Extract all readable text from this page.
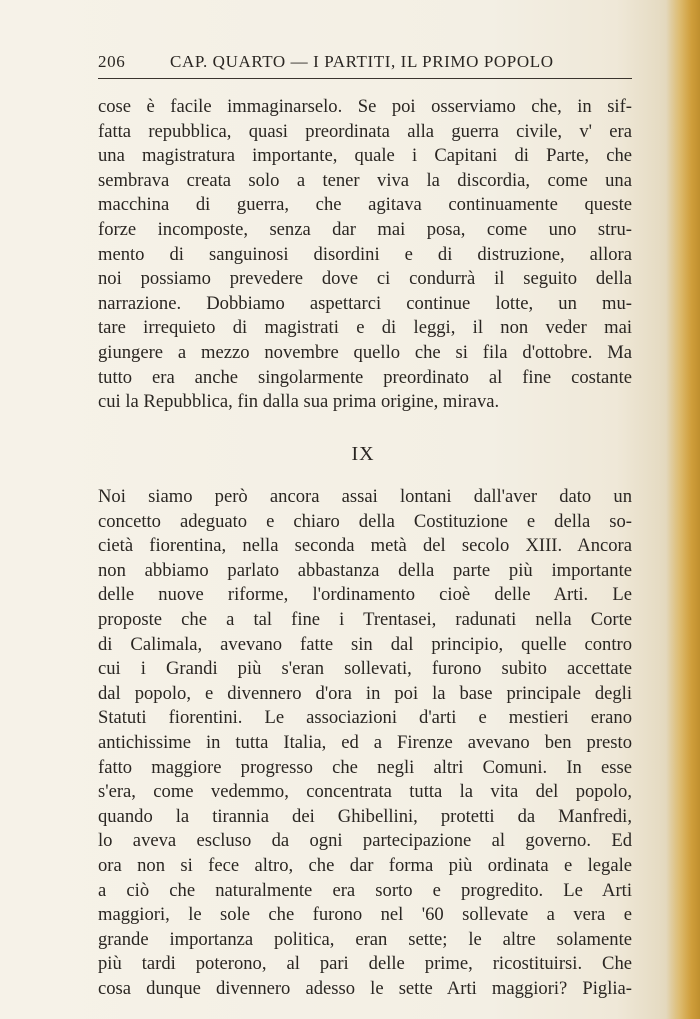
206	CAP. QUARTO — I PARTITI, IL PRIMO POPOLO
cose è facile immaginarselo. Se poi osserviamo che, in sif-
fatta repubblica, quasi preordinata alla guerra civile, v' era
una magistratura importante, quale i Capitani di Parte, che
sembrava creata solo a tener viva la discordia, come una
macchina di guerra, che agitava continuamente queste
forze incomposte, senza dar mai posa, come uno stru-
mento di sanguinosi disordini e di distruzione, allora
noi possiamo prevedere dove ci condurrà il seguito della
narrazione. Dobbiamo aspettarci continue lotte, un mu-
tare irrequieto di magistrati e di leggi, il non veder mai
giungere a mezzo novembre quello che si fila d'ottobre. Ma
tutto era anche singolarmente preordinato al fine costante
cui la Repubblica, fin dalla sua prima origine, mirava.
IX
Noi siamo però ancora assai lontani dall'aver dato un
concetto adeguato e chiaro della Costituzione e della so-
cietà fiorentina, nella seconda metà del secolo XIII. Ancora
non abbiamo parlato abbastanza della parte più importante
delle nuove riforme, l'ordinamento cioè delle Arti. Le
proposte che a tal fine i Trentasei, radunati nella Corte
di Calimala, avevano fatte sin dal principio, quelle contro
cui i Grandi più s'eran sollevati, furono subito accettate
dal popolo, e divennero d'ora in poi la base principale degli
Statuti fiorentini. Le associazioni d'arti e mestieri erano
antichissime in tutta Italia, ed a Firenze avevano ben presto
fatto maggiore progresso che negli altri Comuni. In esse
s'era, come vedemmo, concentrata tutta la vita del popolo,
quando la tirannia dei Ghibellini, protetti da Manfredi,
lo aveva escluso da ogni partecipazione al governo. Ed
ora non si fece altro, che dar forma più ordinata e legale
a ciò che naturalmente era sorto e progredito. Le Arti
maggiori, le sole che furono nel '60 sollevate a vera e
grande importanza politica, eran sette; le altre solamente
più tardi poterono, al pari delle prime, ricostituirsi. Che
cosa dunque divennero adesso le sette Arti maggiori? Piglia-
